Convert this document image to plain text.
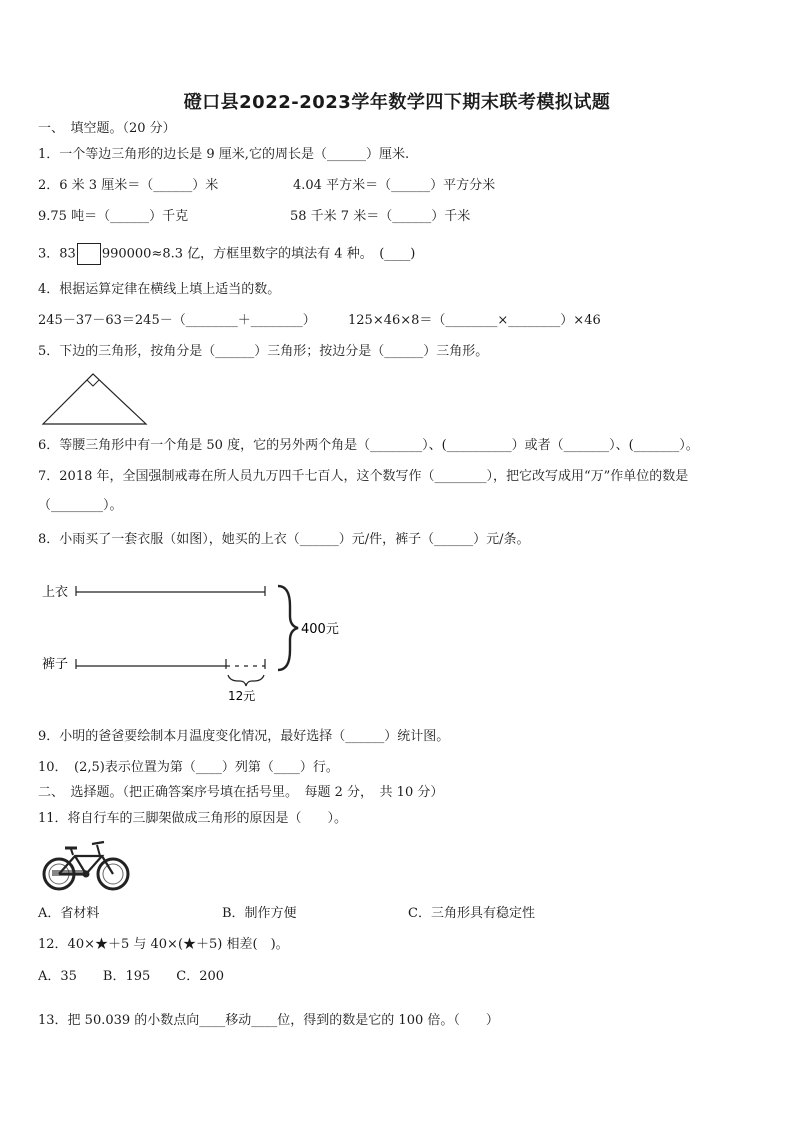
磴口县2022-2023学年数学四下期末联考模拟试题
一、　填空题。（20 分）
1．一个等边三角形的边长是 9 厘米,它的周长是（______）厘米.
2．6 米 3 厘米＝（______）米	4.04 平方米＝（______）平方分米
9.75 吨＝（______）千克	58 千米 7 米＝（______）千米
3．83 990000≈8.3 亿，方框里数字的填法有 4 种。　(____)
4．根据运算定律在横线上填上适当的数。
245－37－63＝245－（________＋________） 125×46×8＝（________×________）×46
5．下边的三角形，按角分是（______）三角形；按边分是（______）三角形。
6．等腰三角形中有一个角是 50 度，它的另外两个角是（________）、(__________）或者（_______）、(_______）。
7．2018 年，全国强制戒毒在所人员九万四千七百人，这个数写作（________），把它改写成用“万”作单位的数是
（________）。
8．小雨买了一套衣服（如图），她买的上衣（______）元/件，裤子（______）元/条。
上衣
裤子
12元
400元
9．小明的爸爸要绘制本月温度变化情况，最好选择（______）统计图。
10．　(2,5)表示位置为第（____）列第（____）行。
二、　选择题。（把正确答案序号填在括号里。　每题 2 分，　共 10 分）
11．将自行车的三脚架做成三角形的原因是（　　）。
A．省材料	B．制作方便	C．三角形具有稳定性
12．40×★＋5 与 40×(★＋5) 相差(　)。
A．35　　B．195　　C．200
13．把 50.039 的小数点向____移动____位，得到的数是它的 100 倍。（　　）
